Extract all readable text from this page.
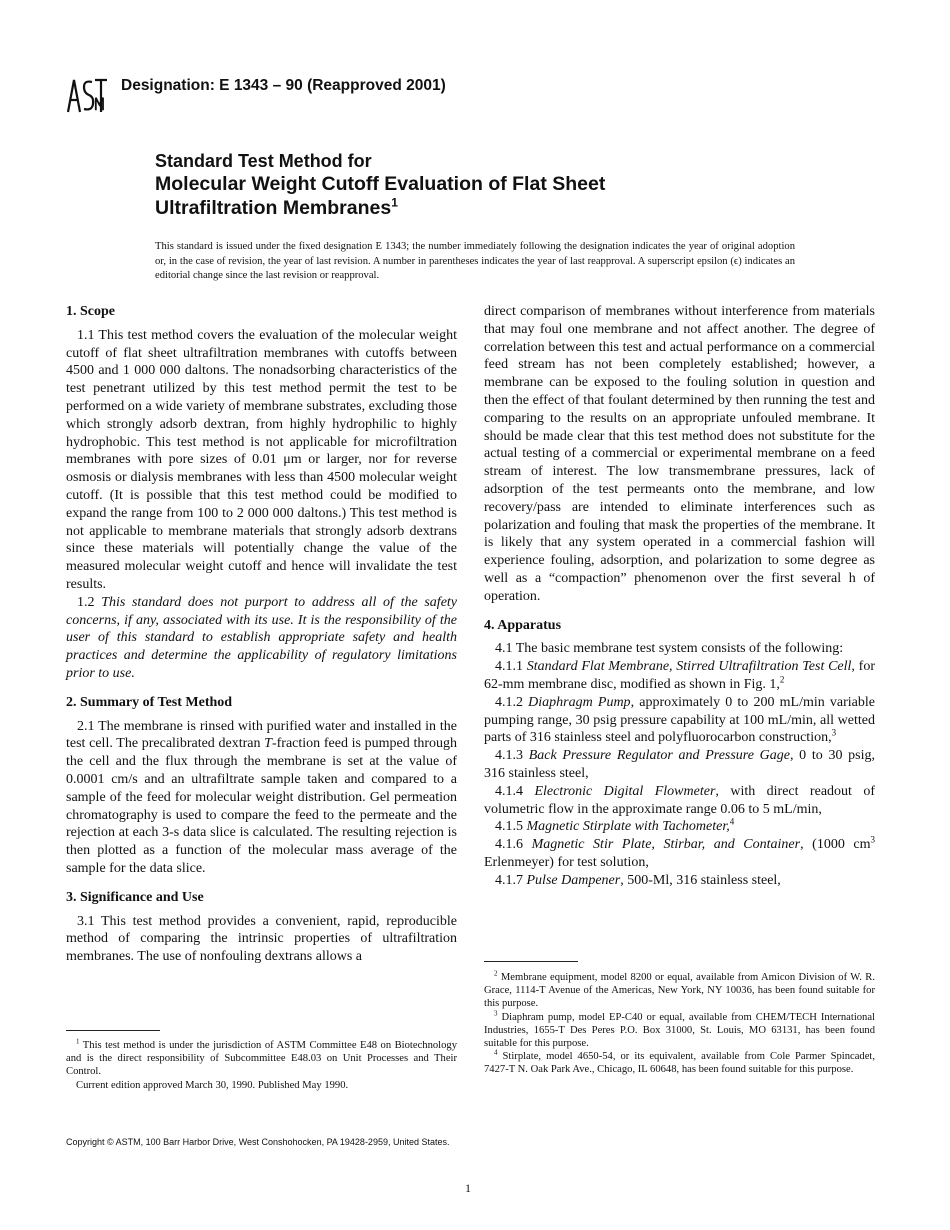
Designation: E 1343 – 90 (Reapproved 2001)
Standard Test Method for
Molecular Weight Cutoff Evaluation of Flat Sheet
Ultrafiltration Membranes$^1$
This standard is issued under the fixed designation E 1343; the number immediately following the designation indicates the year of original adoption or, in the case of revision, the year of last revision. A number in parentheses indicates the year of last reapproval. A superscript epsilon (ϵ) indicates an editorial change since the last revision or reapproval.
1. Scope

1.1 This test method covers the evaluation of the molecular weight cutoff of flat sheet ultrafiltration membranes with cutoffs between 4500 and 1 000 000 daltons. The nonadsorbing characteristics of the test penetrant utilized by this test method permit the test to be performed on a wide variety of membrane substrates, excluding those which strongly adsorb dextran, from highly hydrophilic to highly hydrophobic. This test method is not applicable for microfiltration membranes with pore sizes of 0.01 μm or larger, nor for reverse osmosis or dialysis membranes with less than 4500 molecular weight cutoff. (It is possible that this test method could be modified to expand the range from 100 to 2 000 000 daltons.) This test method is not applicable to membrane materials that strongly adsorb dextrans since these materials will potentially change the value of the measured molecular weight cutoff and hence will invalidate the test results.

1.2 This standard does not purport to address all of the safety concerns, if any, associated with its use. It is the responsibility of the user of this standard to establish appropriate safety and health practices and determine the applicability of regulatory limitations prior to use.

2. Summary of Test Method

2.1 The membrane is rinsed with purified water and installed in the test cell. The precalibrated dextran T-fraction feed is pumped through the cell and the flux through the membrane is set at the value of 0.0001 cm/s and an ultrafiltrate sample taken and compared to a sample of the feed for molecular weight distribution. Gel permeation chromatography is used to compare the feed to the permeate and the rejection at each 3-s data slice is calculated. The resulting rejection is then plotted as a function of the molecular mass average of the sample for the data slice.

3. Significance and Use

3.1 This test method provides a convenient, rapid, reproducible method of comparing the intrinsic properties of ultrafiltration membranes. The use of nonfouling dextrans allows a

direct comparison of membranes without interference from materials that may foul one membrane and not affect another. The degree of correlation between this test and actual performance on a commercial feed stream has not been completely established; however, a membrane can be exposed to the fouling solution in question and then the effect of that foulant determined by then running the test and comparing to the results on an appropriate unfouled membrane. It should be made clear that this test method does not substitute for the actual testing of a commercial or experimental membrane on a feed stream of interest. The low transmembrane pressures, lack of adsorption of the test permeants onto the membrane, and low recovery/pass are intended to eliminate interferences such as polarization and fouling that mask the properties of the membrane. It is likely that any system operated in a commercial fashion will experience fouling, adsorption, and polarization to some degree as well as a “compaction” phenomenon over the first several h of operation.

4. Apparatus

4.1 The basic membrane test system consists of the following:

4.1.1 Standard Flat Membrane, Stirred Ultrafiltration Test Cell, for 62-mm membrane disc, modified as shown in Fig. 1,$^2$

4.1.2 Diaphragm Pump, approximately 0 to 200 mL/min variable pumping range, 30 psig pressure capability at 100 mL/min, all wetted parts of 316 stainless steel and polyfluorocarbon construction,$^3$

4.1.3 Back Pressure Regulator and Pressure Gage, 0 to 30 psig, 316 stainless steel,

4.1.4 Electronic Digital Flowmeter, with direct readout of volumetric flow in the approximate range 0.06 to 5 mL/min,

4.1.5 Magnetic Stirplate with Tachometer,$^4$

4.1.6 Magnetic Stir Plate, Stirbar, and Container, (1000 $cm^3$ Erlenmeyer) for test solution,

4.1.7 Pulse Dampener, 500-Ml, 316 stainless steel,

$^1$ This test method is under the jurisdiction of ASTM Committee E48 on Biotechnology and is the direct responsibility of Subcommittee E48.03 on Unit Processes and Their Control.

Current edition approved March 30, 1990. Published May 1990.

$^2$ Membrane equipment, model 8200 or equal, available from Amicon Division of W. R. Grace, 1114-T Avenue of the Americas, New York, NY 10036, has been found suitable for this purpose.

$^3$ Diaphram pump, model EP-C40 or equal, available from CHEM/TECH International Industries, 1655-T Des Peres P.O. Box 31000, St. Louis, MO 63131, has been found suitable for this purpose.

$^4$ Stirplate, model 4650-54, or its equivalent, available from Cole Parmer Spincadet, 7427-T N. Oak Park Ave., Chicago, IL 60648, has been found suitable for this purpose.

Copyright © ASTM, 100 Barr Harbor Drive, West Conshohocken, PA 19428-2959, United States.
1
